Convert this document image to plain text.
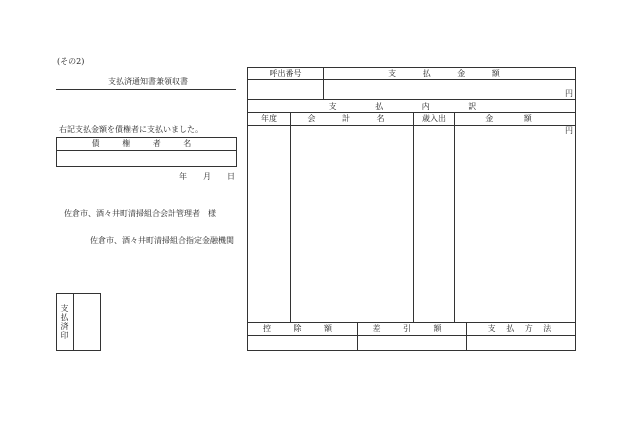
(その2)
支払済通知書兼領収書
右記支払金額を債権者に支払いました。
債 権 者 名
年 月 日
佐倉市、酒々井町清掃組合会計管理者　様
佐倉市、酒々井町清掃組合指定金融機関
支払済印
呼出番号	支 払 金 額
円
支 払 内 訳
年度	会 計 名	歳入出	金 額
円
控 除 額	差 引 額	支 払 方 法
